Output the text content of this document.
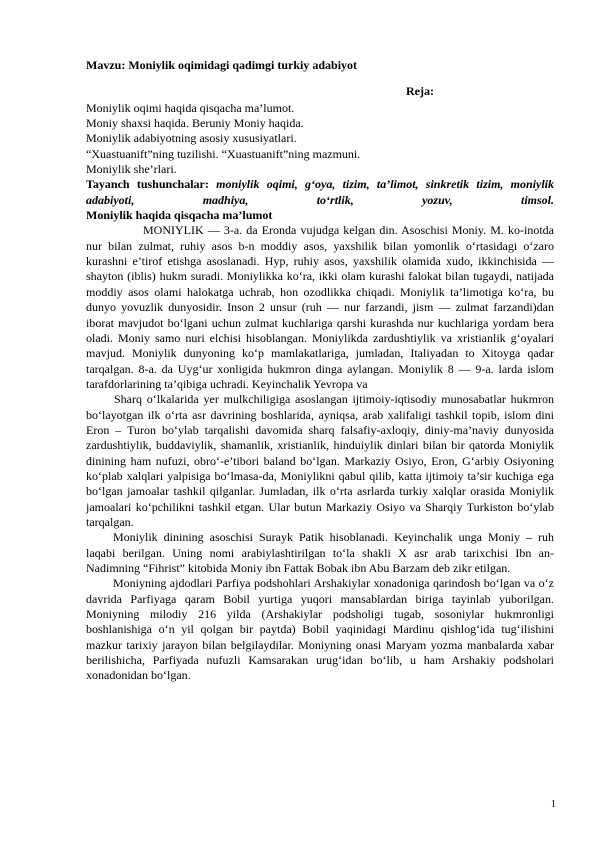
Mavzu: Moniylik oqimidagi qadimgi turkiy adabiyot

Reja:

Moniylik oqimi haqida qisqacha ma’lumot.

Moniy shaxsi haqida. Beruniy Moniy haqida.

Moniylik adabiyotning asosiy xususiyatlari.

“Xuastuanift”ning tuzilishi. “Xuastuanift”ning mazmuni.

Moniylik she’rlari.

Tayanch tushunchalar: moniylik oqimi, g‘oya, tizim, ta’limot, sinkretik tizim, moniylik adabiyoti, madhiya, to‘rtlik, yozuv, timsol.

Moniylik haqida qisqacha ma’lumot

MONIYLIK — 3-a. da Eronda vujudga kelgan din. Asoschisi Moniy. M. ko-inotda nur bilan zulmat, ruhiy asos b-n moddiy asos, yaxshilik bilan yomonlik o‘rtasidagi o‘zaro kurashni e’tirof etishga asoslanadi. Hyp, ruhiy asos, yaxshilik olamida xudo, ikkinchisida — shayton (iblis) hukm suradi. Moniylikka ko‘ra, ikki olam kurashi falokat bilan tugaydi, natijada moddiy asos olami halokatga uchrab, hon ozodlikka chiqadi. Moniylik ta’limotiga ko‘ra, bu dunyo yovuzlik dunyosidir. Inson 2 unsur (ruh — nur farzandi, jism — zulmat farzandi)dan iborat mavjudot bo‘lgani uchun zulmat kuchlariga qarshi kurashda nur kuchlariga yordam bera oladi. Moniy samo nuri elchisi hisoblangan. Moniylikda zardushtiylik va xristianlik g‘oyalari mavjud. Moniylik dunyoning ko‘p mamlakatlariga, jumladan, Italiyadan to Xitoyga qadar tarqalgan. 8-a. da Uyg‘ur xonligida hukmron dinga aylangan. Moniylik 8 — 9-a. larda islom tarafdorlarining ta’qibiga uchradi. Keyinchalik Yevropa va

Sharq o‘lkalarida yer mulkchiligiga asoslangan ijtimoiy-iqtisodiy munosabatlar hukmron bo‘layotgan ilk o‘rta asr davrining boshlarida, ayniqsa, arab xalifaligi tashkil topib, islom dini Eron – Turon bo‘ylab tarqalishi davomida sharq falsafiy-axloqiy, diniy-ma’naviy dunyosida zardushtiylik, buddaviylik, shamanlik, xristianlik, hinduiylik dinlari bilan bir qatorda Moniylik dinining ham nufuzi, obro‘-e’tibori baland bo‘lgan. Markaziy Osiyo, Eron, G‘arbiy Osiyoning ko‘plab xalqlari yalpisiga bo‘lmasa-da, Moniylikni qabul qilib, katta ijtimoiy ta’sir kuchiga ega bo‘lgan jamoalar tashkil qilganlar. Jumladan, ilk o‘rta asrlarda turkiy xalqlar orasida Moniylik jamoalari ko‘pchilikni tashkil etgan. Ular butun Markaziy Osiyo va Sharqiy Turkiston bo‘ylab tarqalgan.

Moniylik dinining asoschisi Surayk Patik hisoblanadi. Keyinchalik unga Moniy – ruh laqabi berilgan. Uning nomi arabiylashtirilgan to‘la shakli X asr arab tarixchisi Ibn an-Nadimning “Fihrist” kitobida Moniy ibn Fattak Bobak ibn Abu Barzam deb zikr etilgan.

Moniyning ajdodlari Parfiya podshohlari Arshakiylar xonadoniga qarindosh bo‘lgan va o‘z davrida Parfiyaga qaram Bobil yurtiga yuqori mansablardan biriga tayinlab yuborilgan. Moniyning milodiy 216 yilda (Arshakiylar podsholigi tugab, sosoniylar hukmronligi boshlanishiga o‘n yil qolgan bir paytda) Bobil yaqinidagi Mardinu qishlog‘ida tug‘ilishini mazkur tarixiy jarayon bilan belgilaydilar. Moniyning onasi Maryam yozma manbalarda xabar berilishicha, Parfiyada nufuzli Kamsarakan urug‘idan bo‘lib, u ham Arshakiy podsholari xonadonidan bo‘lgan.

1
